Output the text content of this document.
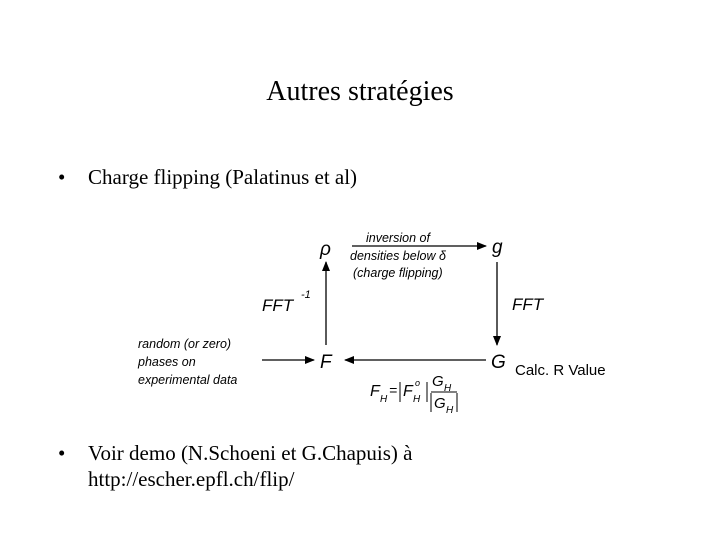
Autres stratégies
•	Charge flipping (Palatinus et al)
ρ	g
G
F
inversion of
densities below δ
(charge flipping)
FFT
FFT
-1
random (or zero)
phases on
experimental data
F H
= F o
H
G H
G H
Calc. R Value
•	Voir demo (N.Schoeni et G.Chapuis) à http://escher.epfl.ch/flip/
